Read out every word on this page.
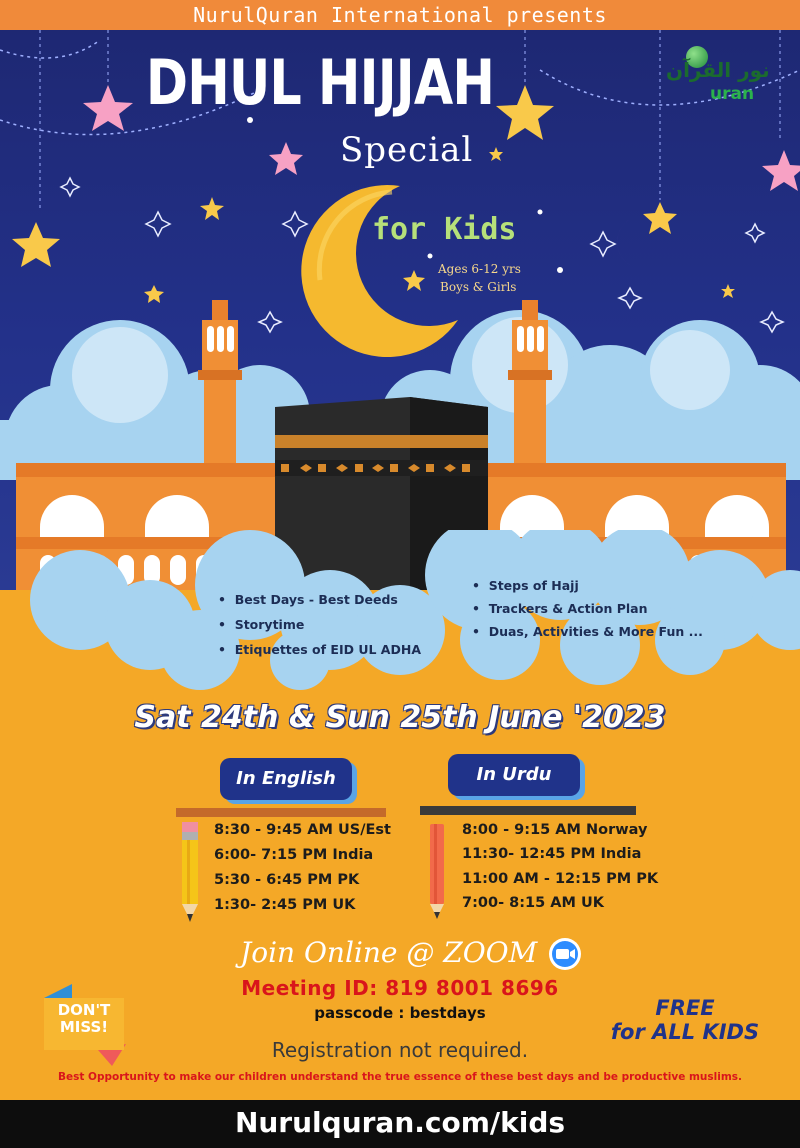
NurulQuran International presents
DHUL HIJJAH
Special
for Kids
Ages 6-12 yrs
Boys & Girls
نور القرآن
uran
•  Best Days - Best Deeds
•  Storytime
•  Etiquettes of EID UL ADHA
•  Steps of Hajj
•  Trackers & Action Plan
•  Duas, Activities & More Fun ...
Sat 24th & Sun 25th June '2023
In English	In Urdu
8:30 - 9:45 AM US/Est
6:00- 7:15 PM India
5:30 - 6:45 PM PK
1:30- 2:45 PM UK
8:00 - 9:15 AM Norway
11:30- 12:45 PM India
11:00 AM - 12:15 PM PK
7:00- 8:15 AM UK
Join Online @ ZOOM
Meeting ID: 819 8001 8696
passcode : bestdays
Registration not required.
DON'T
MISS!
FREE
for ALL KIDS
Best Opportunity to make our children understand the true essence of these best days and be productive muslims.
Nurulquran.com/kids
